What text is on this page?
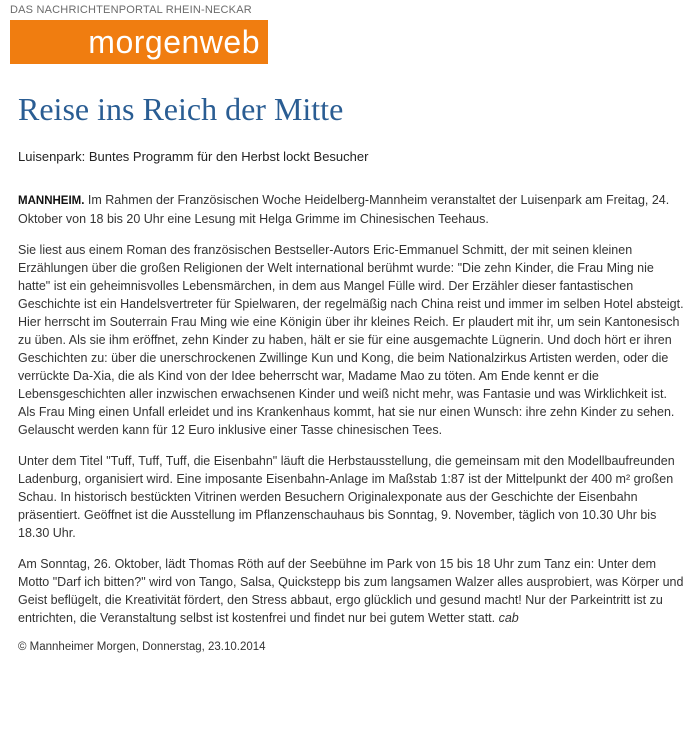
DAS NACHRICHTENPORTAL RHEIN-NECKAR
morgenweb
Reise ins Reich der Mitte
Luisenpark: Buntes Programm für den Herbst lockt Besucher

MANNHEIM. Im Rahmen der Französischen Woche Heidelberg-Mannheim veranstaltet der Luisenpark am Freitag, 24. Oktober von 18 bis 20 Uhr eine Lesung mit Helga Grimme im Chinesischen Teehaus.

Sie liest aus einem Roman des französischen Bestseller-Autors Eric-Emmanuel Schmitt, der mit seinen kleinen Erzählungen über die großen Religionen der Welt international berühmt wurde: "Die zehn Kinder, die Frau Ming nie hatte" ist ein geheimnisvolles Lebensmärchen, in dem aus Mangel Fülle wird. Der Erzähler dieser fantastischen Geschichte ist ein Handelsvertreter für Spielwaren, der regelmäßig nach China reist und immer im selben Hotel absteigt. Hier herrscht im Souterrain Frau Ming wie eine Königin über ihr kleines Reich. Er plaudert mit ihr, um sein Kantonesisch zu üben. Als sie ihm eröffnet, zehn Kinder zu haben, hält er sie für eine ausgemachte Lügnerin. Und doch hört er ihren Geschichten zu: über die unerschrockenen Zwillinge Kun und Kong, die beim Nationalzirkus Artisten werden, oder die verrückte Da-Xia, die als Kind von der Idee beherrscht war, Madame Mao zu töten. Am Ende kennt er die Lebensgeschichten aller inzwischen erwachsenen Kinder und weiß nicht mehr, was Fantasie und was Wirklichkeit ist. Als Frau Ming einen Unfall erleidet und ins Krankenhaus kommt, hat sie nur einen Wunsch: ihre zehn Kinder zu sehen. Gelauscht werden kann für 12 Euro inklusive einer Tasse chinesischen Tees.

Unter dem Titel "Tuff, Tuff, Tuff, die Eisenbahn" läuft die Herbstausstellung, die gemeinsam mit den Modellbaufreunden Ladenburg, organisiert wird. Eine imposante Eisenbahn-Anlage im Maßstab 1:87 ist der Mittelpunkt der 400 m² großen Schau. In historisch bestückten Vitrinen werden Besuchern Originalexponate aus der Geschichte der Eisenbahn präsentiert. Geöffnet ist die Ausstellung im Pflanzenschauhaus bis Sonntag, 9. November, täglich von 10.30 Uhr bis 18.30 Uhr.

Am Sonntag, 26. Oktober, lädt Thomas Röth auf der Seebühne im Park von 15 bis 18 Uhr zum Tanz ein: Unter dem Motto "Darf ich bitten?" wird von Tango, Salsa, Quickstepp bis zum langsamen Walzer alles ausprobiert, was Körper und Geist beflügelt, die Kreativität fördert, den Stress abbaut, ergo glücklich und gesund macht! Nur der Parkeintritt ist zu entrichten, die Veranstaltung selbst ist kostenfrei und findet nur bei gutem Wetter statt. cab

© Mannheimer Morgen, Donnerstag, 23.10.2014
